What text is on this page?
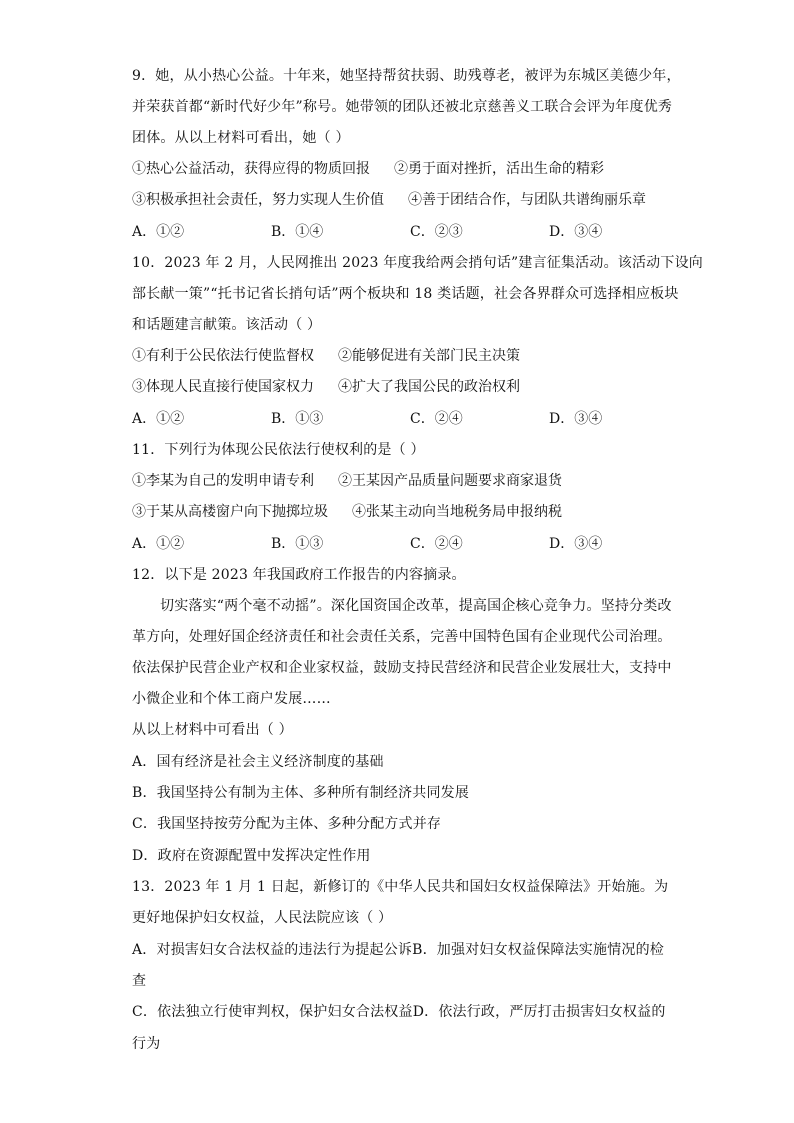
9．她，从小热心公益。十年来，她坚持帮贫扶弱、助残尊老，被评为东城区美德少年，
并荣获首都“新时代好少年”称号。她带领的团队还被北京慈善义工联合会评为年度优秀
团体。从以上材料可看出，她（ ）
①热心公益活动，获得应得的物质回报 ②勇于面对挫折，活出生命的精彩
③积极承担社会责任，努力实现人生价值 ④善于团结合作，与团队共谱绚丽乐章
A．①②	B．①④	C．②③	D．③④
10．2023 年 2 月，人民网推出 2023 年度我给两会捎句话”建言征集活动。该活动下设向
部长献一策”“托书记省长捎句话”两个板块和 18 类话题，社会各界群众可选择相应板块
和话题建言献策。该活动（ ）
①有利于公民依法行使监督权 ②能够促进有关部门民主决策
③体现人民直接行使国家权力 ④扩大了我国公民的政治权利
A．①②	B．①③	C．②④	D．③④
11．下列行为体现公民依法行使权利的是（ ）
①李某为自己的发明申请专利 ②王某因产品质量问题要求商家退货
③于某从高楼窗户向下抛掷垃圾 ④张某主动向当地税务局申报纳税
A．①②	B．①③	C．②④	D．③④
12．以下是 2023 年我国政府工作报告的内容摘录。
切实落实“两个毫不动摇”。深化国资国企改革，提高国企核心竞争力。坚持分类改
革方向，处理好国企经济责任和社会责任关系，完善中国特色国有企业现代公司治理。
依法保护民营企业产权和企业家权益，鼓励支持民营经济和民营企业发展壮大，支持中
小微企业和个体工商户发展……
从以上材料中可看出（ ）
A．国有经济是社会主义经济制度的基础
B．我国坚持公有制为主体、多种所有制经济共同发展
C．我国坚持按劳分配为主体、多种分配方式并存
D．政府在资源配置中发挥决定性作用
13．2023 年 1 月 1 日起，新修订的《中华人民共和国妇女权益保障法》开始施。为
更好地保护妇女权益，人民法院应该（ ）
A．对损害妇女合法权益的违法行为提起公诉B．加强对妇女权益保障法实施情况的检
查
C．依法独立行使审判权，保护妇女合法权益D．依法行政，严厉打击损害妇女权益的
行为
